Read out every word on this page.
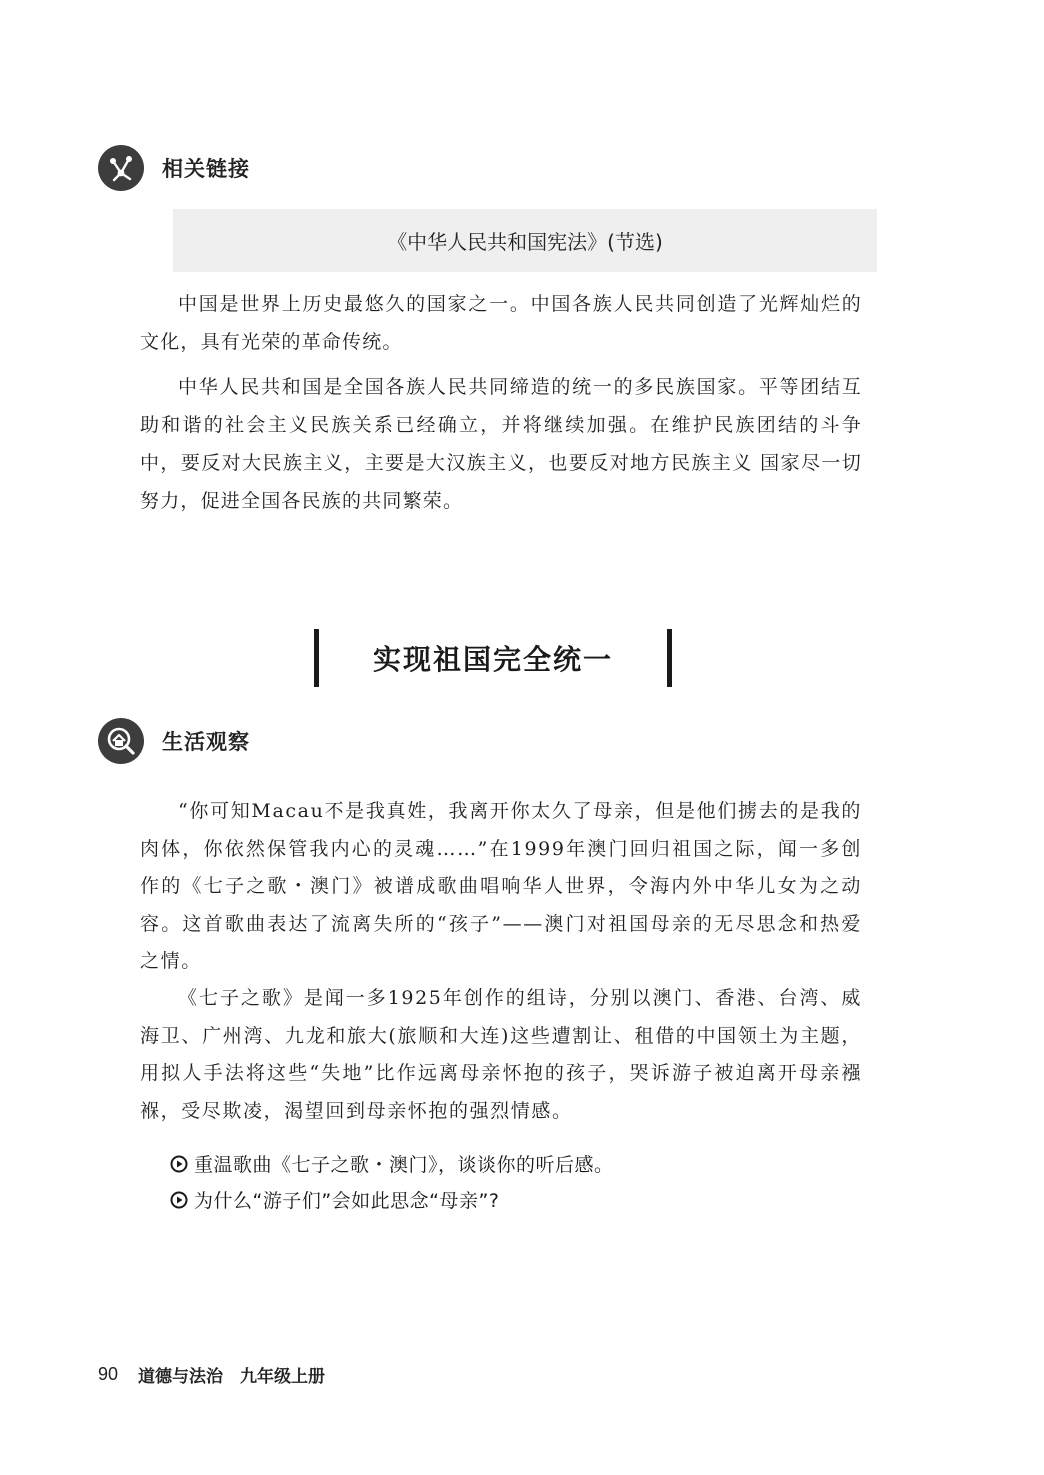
相关链接
《中华人民共和国宪法》(节选)

中国是世界上历史最悠久的国家之一。中国各族人民共同创造了光辉灿烂的文化，具有光荣的革命传统。

中华人民共和国是全国各族人民共同缔造的统一的多民族国家。平等团结互助和谐的社会主义民族关系已经确立，并将继续加强。在维护民族团结的斗争中，要反对大民族主义，主要是大汉族主义，也要反对地方民族主义 国家尽一切努力，促进全国各民族的共同繁荣。

实现祖国完全统一
生活观察

“你可知Macau不是我真姓，我离开你太久了母亲，但是他们掳去的是我的肉体，你依然保管我内心的灵魂……”在1999年澳门回归祖国之际，闻一多创作的《七子之歌・澳门》被谱成歌曲唱响华人世界，令海内外中华儿女为之动容。这首歌曲表达了流离失所的“孩子”——澳门对祖国母亲的无尽思念和热爱之情。

《七子之歌》是闻一多1925年创作的组诗，分别以澳门、香港、台湾、威海卫、广州湾、九龙和旅大(旅顺和大连)这些遭割让、租借的中国领土为主题，用拟人手法将这些“失地”比作远离母亲怀抱的孩子，哭诉游子被迫离开母亲襁褓，受尽欺凌，渴望回到母亲怀抱的强烈情感。

重温歌曲《七子之歌・澳门》，谈谈你的听后感。
为什么“游子们”会如此思念“母亲”?
90 道德与法治　九年级上册
